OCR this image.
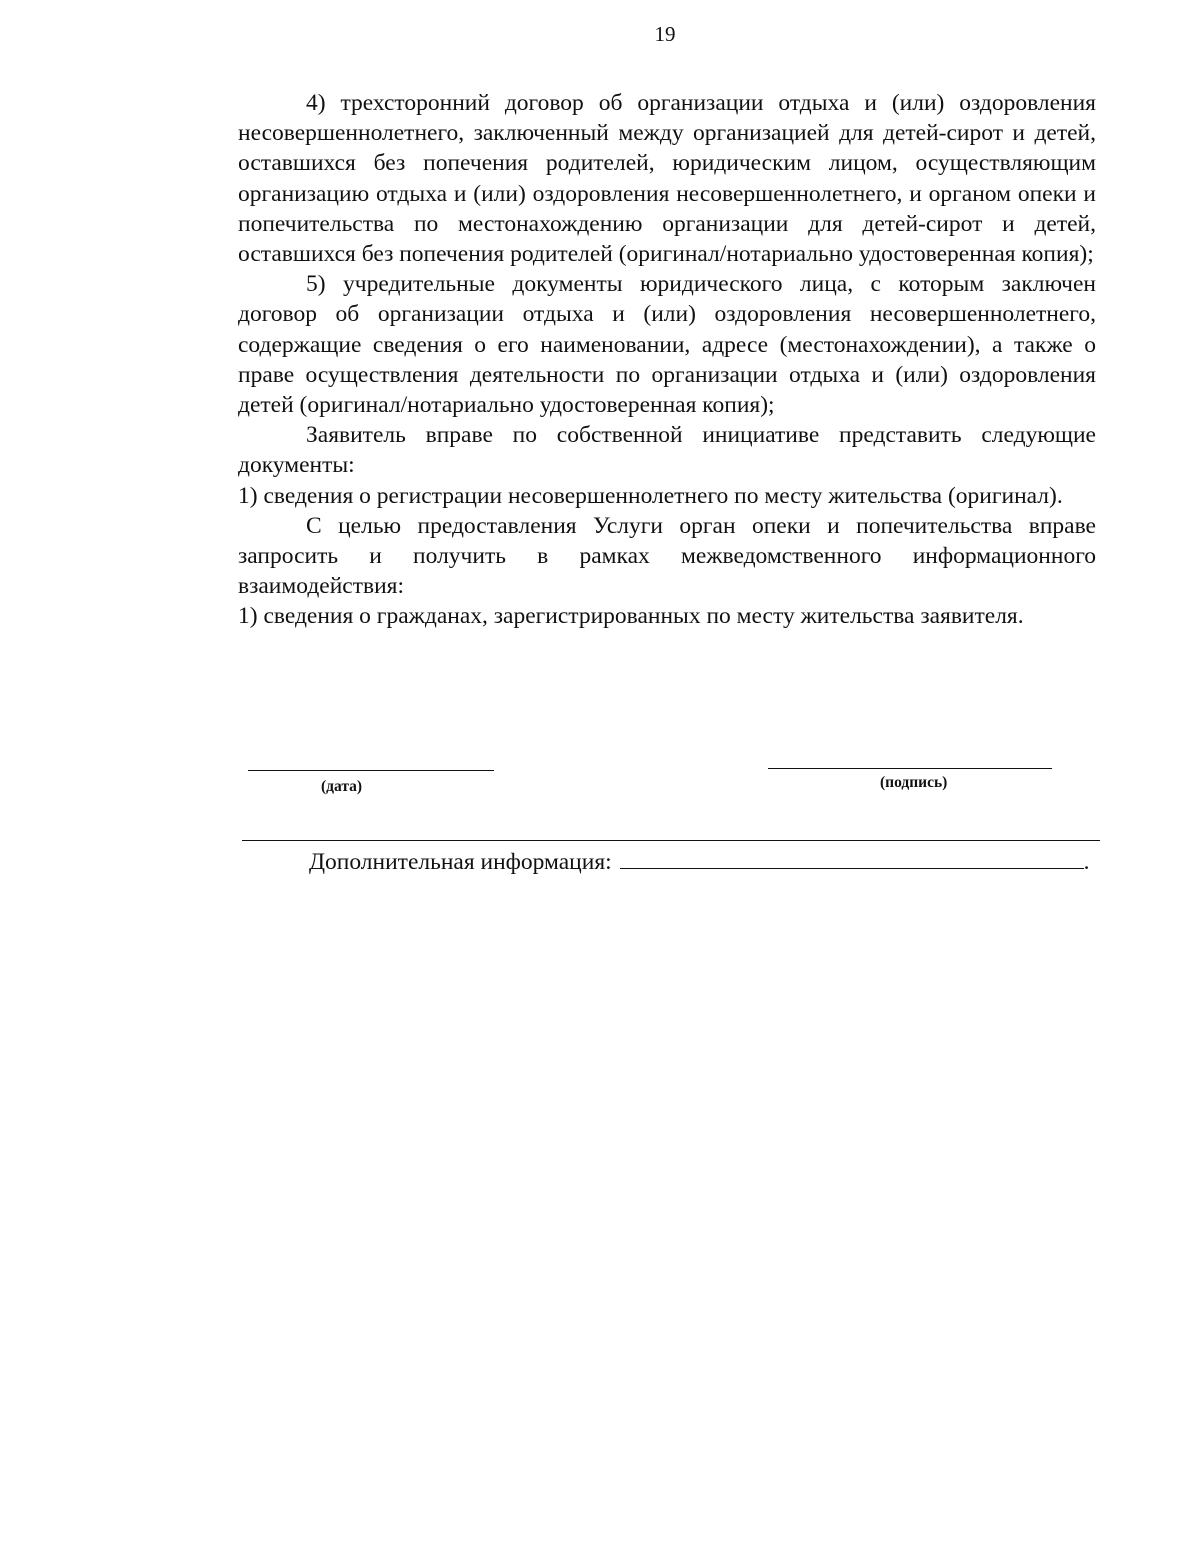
19

4) трехсторонний договор об организации отдыха и (или) оздоровления несовершеннолетнего, заключенный между организацией для детей-сирот и детей, оставшихся без попечения родителей, юридическим лицом, осуществляющим организацию отдыха и (или) оздоровления несовершеннолетнего, и органом опеки и попечительства по местонахождению организации для детей-сирот и детей, оставшихся без попечения родителей (оригинал/нотариально удостоверенная копия);

5) учредительные документы юридического лица, с которым заключен договор об организации отдыха и (или) оздоровления несовершеннолетнего, содержащие сведения о его наименовании, адресе (местонахождении), а также о праве осуществления деятельности по организации отдыха и (или) оздоровления детей (оригинал/нотариально удостоверенная копия);

Заявитель вправе по собственной инициативе представить следующие документы:

1) сведения о регистрации несовершеннолетнего по месту жительства (оригинал).

С целью предоставления Услуги орган опеки и попечительства вправе запросить и получить в рамках межведомственного информационного взаимодействия:

1) сведения о гражданах, зарегистрированных по месту жительства заявителя.

(дата)	(подпись)
Дополнительная информация:	.
